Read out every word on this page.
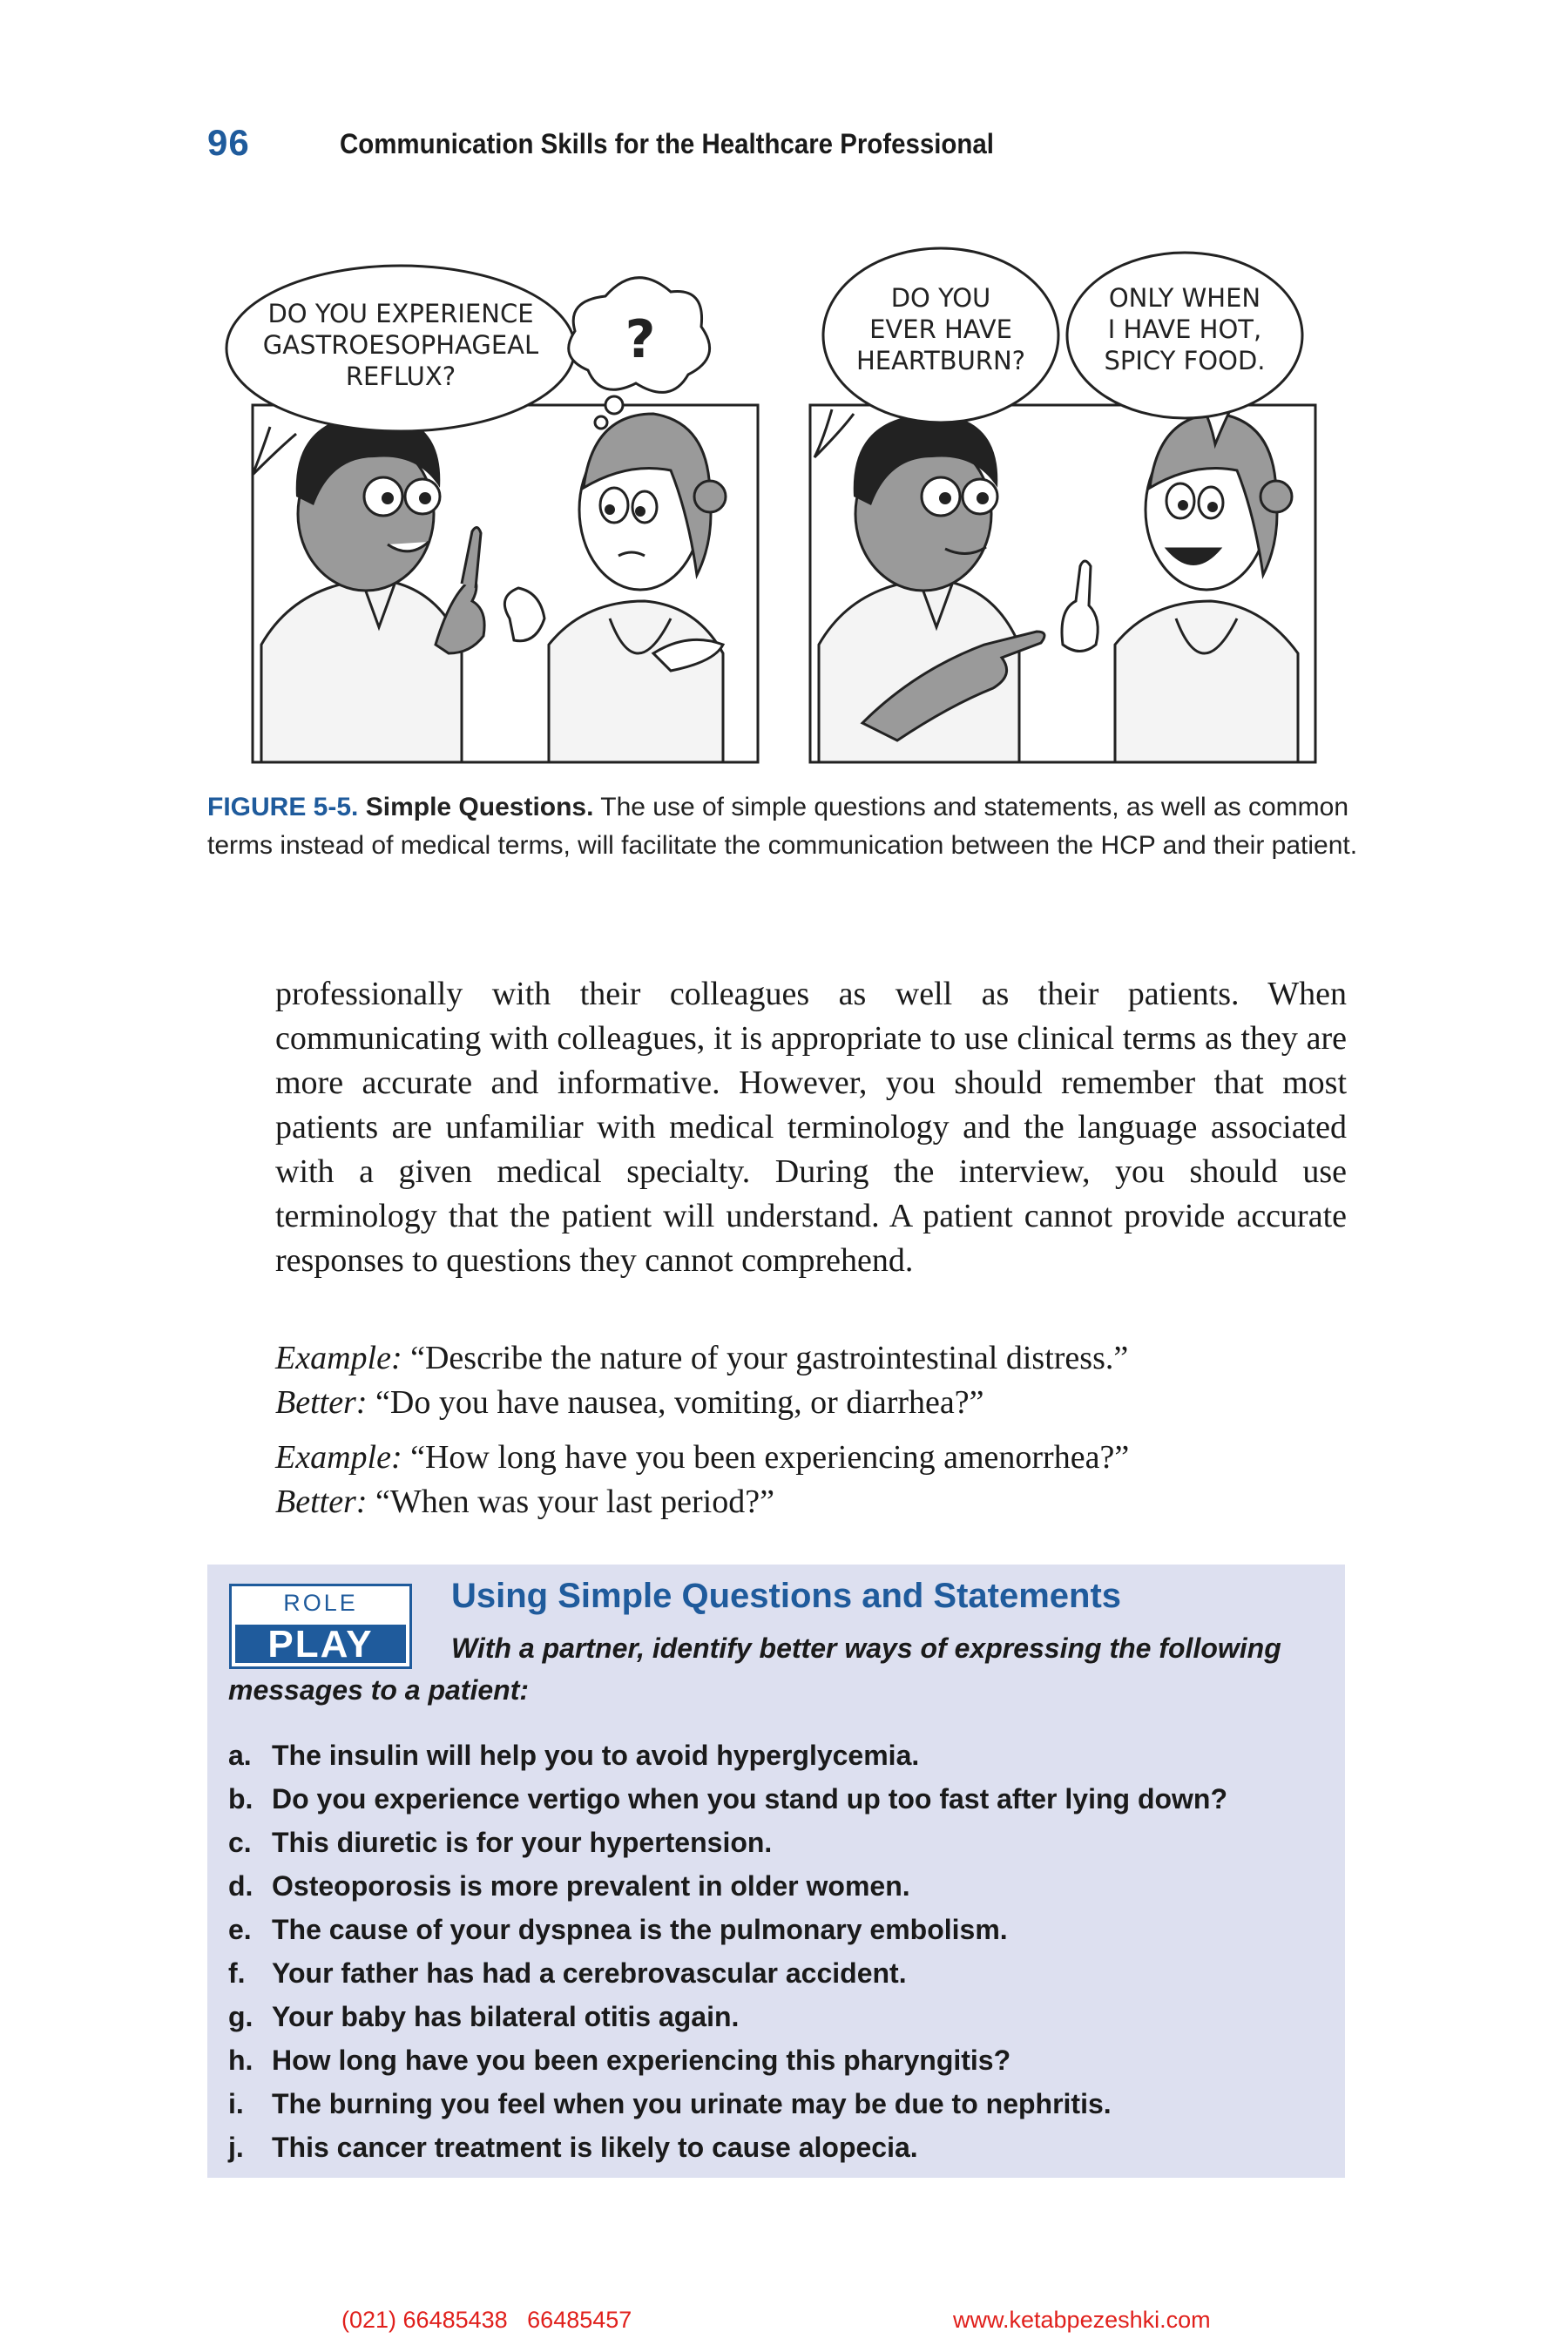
96	Communication Skills for the Healthcare Professional
DO YOU EXPERIENCE
GASTROESOPHAGEAL
REFLUX?
?
DO YOU
EVER HAVE
HEARTBURN?
ONLY WHEN
I HAVE HOT,
SPICY FOOD.
FIGURE 5-5. Simple Questions. The use of simple questions and statements, as well as common terms instead of medical terms, will facilitate the communication between the HCP and their patient.
professionally with their colleagues as well as their patients. When communicating with colleagues, it is appropriate to use clinical terms as they are more accurate and informative. However, you should remember that most patients are unfamiliar with medical terminology and the language associated with a given medical specialty. During the interview, you should use terminology that the patient will understand. A patient cannot provide accurate responses to questions they cannot comprehend.
Example: “Describe the nature of your gastrointestinal distress.”
Better: “Do you have nausea, vomiting, or diarrhea?”
Example: “How long have you been experiencing amenorrhea?”
Better: “When was your last period?”
ROLE
PLAY
Using Simple Questions and Statements
With a partner, identify better ways of expressing the following messages to a patient:
a. The insulin will help you to avoid hyperglycemia.
b. Do you experience vertigo when you stand up too fast after lying down?
c. This diuretic is for your hypertension.
d. Osteoporosis is more prevalent in older women.
e. The cause of your dyspnea is the pulmonary embolism.
f. Your father has had a cerebrovascular accident.
g. Your baby has bilateral otitis again.
h. How long have you been experiencing this pharyngitis?
i. The burning you feel when you urinate may be due to nephritis.
j. This cancer treatment is likely to cause alopecia.
(021) 66485438   66485457	www.ketabpezeshki.com
